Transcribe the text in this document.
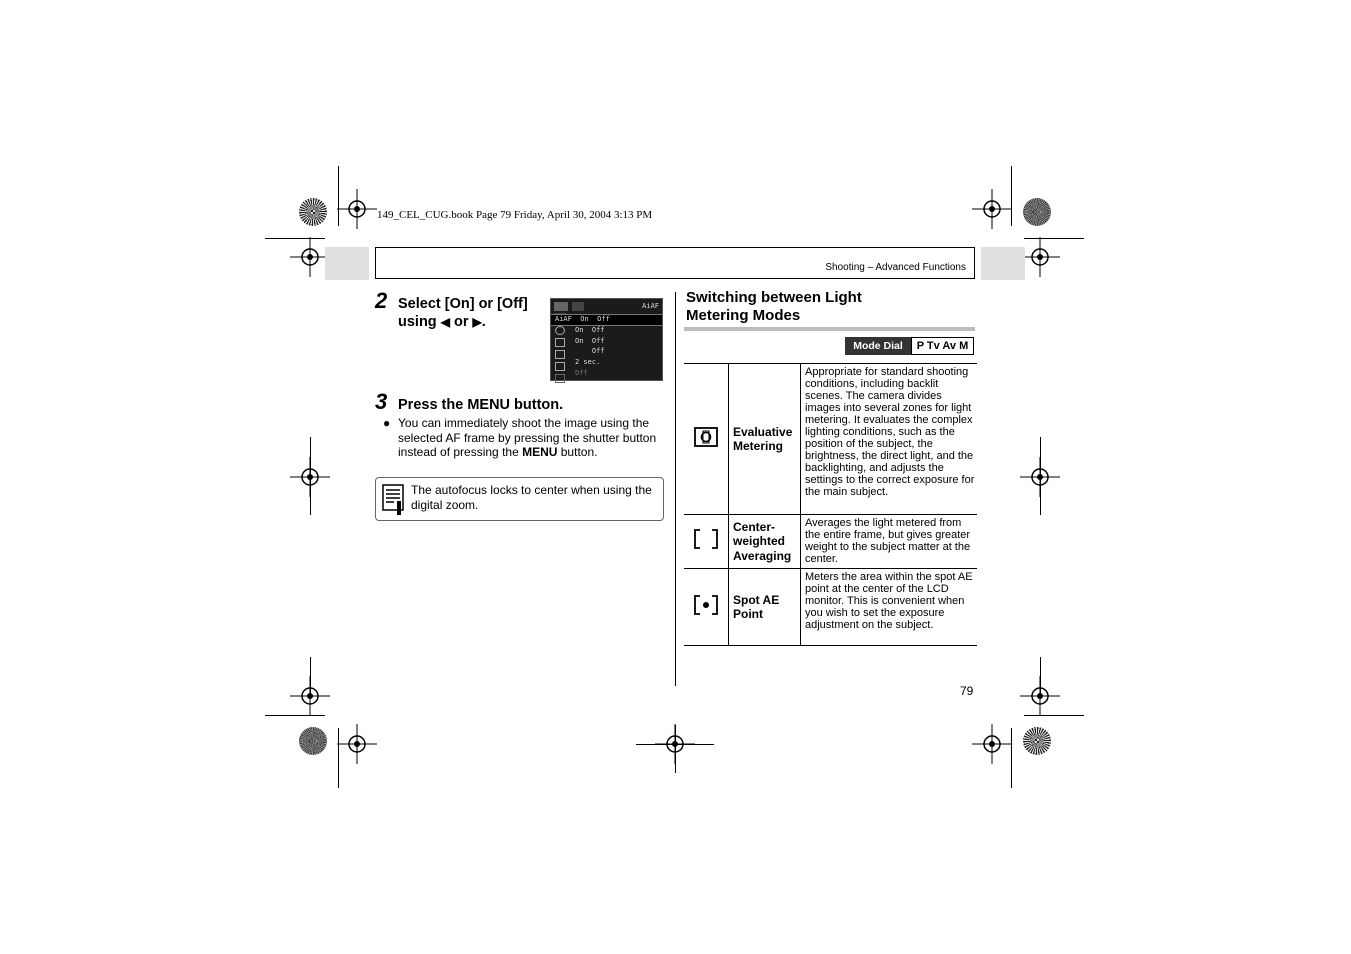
149_CEL_CUG.book Page 79 Friday, April 30, 2004 3:13 PM
Shooting – Advanced Functions
2 Select [On] or [Off]
using ◀ or ▶.

AiAF
AiAF On  Off
On  Off
On  Off
Off
2 sec.
Off
3 Press the MENU button.
● You can immediately shoot the image using the selected AF frame by pressing the shutter button instead of pressing the MENU button.
The autofocus locks to center when using the digital zoom.
Switching between Light Metering Modes
Mode Dial	P Tv Av M
	Evaluative Metering	Appropriate for standard shooting conditions, including backlit scenes. The camera divides images into several zones for light metering. It evaluates the complex lighting conditions, such as the position of the subject, the brightness, the direct light, and the backlighting, and adjusts the settings to the correct exposure for the main subject.
	Center-weighted Averaging	Averages the light metered from the entire frame, but gives greater weight to the subject matter at the center.
	Spot AE Point	Meters the area within the spot AE point at the center of the LCD monitor. This is convenient when you wish to set the exposure adjustment on the subject.
79
